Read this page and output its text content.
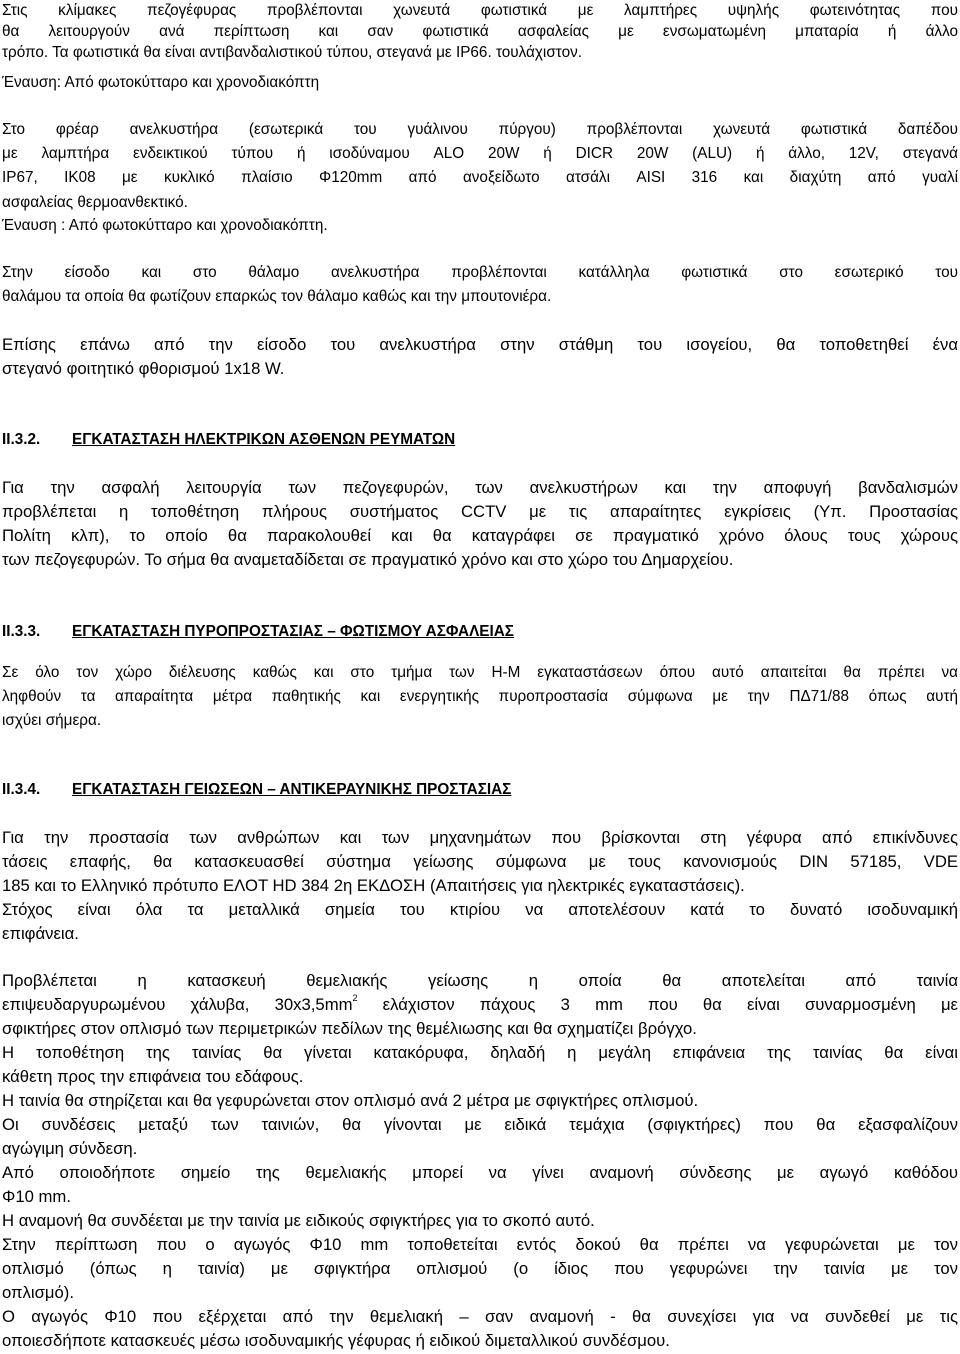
Στις κλίμακες πεζογέφυρας προβλέπονται χωνευτά φωτιστικά με λαμπτήρες υψηλής φωτεινότητας που
θα λειτουργούν ανά περίπτωση και σαν φωτιστικά ασφαλείας με ενσωματωμένη μπαταρία ή άλλο
τρόπο. Τα φωτιστικά θα είναι αντιβανδαλιστικού τύπου, στεγανά με IP66. τουλάχιστον.
Έναυση: Από φωτοκύτταρο και χρονοδιακόπτη
Στο φρέαρ ανελκυστήρα (εσωτερικά του γυάλινου πύργου) προβλέπονται χωνευτά φωτιστικά δαπέδου
με λαμπτήρα ενδεικτικού τύπου ή ισοδύναμου ALO 20W ή DICR 20W (ALU) ή άλλο, 12V, στεγανά
IP67, IK08 με κυκλικό πλαίσιο Φ120mm από ανοξείδωτο ατσάλι AISI 316 και διαχύτη από γυαλί
ασφαλείας θερμοανθεκτικό.
Έναυση : Από φωτοκύτταρο και χρονοδιακόπτη.
Στην είσοδο και στο θάλαμο ανελκυστήρα προβλέπονται κατάλληλα φωτιστικά στο εσωτερικό του
θαλάμου τα οποία θα φωτίζουν επαρκώς τον θάλαμο καθώς και την μπουτονιέρα.
Επίσης επάνω από την είσοδο του ανελκυστήρα στην στάθμη του ισογείου, θα τοποθετηθεί ένα
στεγανό φοιτητικό φθορισμού 1x18 W.
II.3.2. ΕΓΚΑΤΑΣΤΑΣΗ ΗΛΕΚΤΡΙΚΩΝ ΑΣΘΕΝΩΝ ΡΕΥΜΑΤΩΝ
Για την ασφαλή λειτουργία των πεζογεφυρών, των ανελκυστήρων και την αποφυγή βανδαλισμών
προβλέπεται η τοποθέτηση πλήρους συστήματος CCTV με τις απαραίτητες εγκρίσεις (Υπ. Προστασίας
Πολίτη κλπ), το οποίο θα παρακολουθεί και θα καταγράφει σε πραγματικό χρόνο όλους τους χώρους
των πεζογεφυρών. Το σήμα θα αναμεταδίδεται σε πραγματικό χρόνο και στο χώρο του Δημαρχείου.
II.3.3. ΕΓΚΑΤΑΣΤΑΣΗ ΠΥΡΟΠΡΟΣΤΑΣΙΑΣ – ΦΩΤΙΣΜΟΥ ΑΣΦΑΛΕΙΑΣ
Σε όλο τον χώρο διέλευσης καθώς και στο τμήμα των Η-Μ εγκαταστάσεων όπου αυτό απαιτείται θα πρέπει να
ληφθούν τα απαραίτητα μέτρα παθητικής και ενεργητικής πυροπροστασία σύμφωνα με την ΠΔ71/88 όπως αυτή
ισχύει σήμερα.
II.3.4. ΕΓΚΑΤΑΣΤΑΣΗ ΓΕΙΩΣΕΩΝ – ΑΝΤΙΚΕΡΑΥΝΙΚΗΣ ΠΡΟΣΤΑΣΙΑΣ
Για την προστασία των ανθρώπων και των μηχανημάτων που βρίσκονται στη γέφυρα από επικίνδυνες
τάσεις επαφής, θα κατασκευασθεί σύστημα γείωσης σύμφωνα με τους κανονισμούς DIN 57185, VDE
185 και το Ελληνικό πρότυπο ΕΛΟΤ HD 384 2η ΕΚΔΟΣΗ (Απαιτήσεις για ηλεκτρικές εγκαταστάσεις).
Στόχος είναι όλα τα μεταλλικά σημεία του κτιρίου να αποτελέσουν κατά το δυνατό ισοδυναμική
επιφάνεια.
Προβλέπεται η κατασκευή θεμελιακής γείωσης η οποία θα αποτελείται από ταινία
επιψευδαργυρωμένου χάλυβα, $30x3,5mm^2$ ελάχιστον πάχους 3 mm που θα είναι συναρμοσμένη με
σφικτήρες στον οπλισμό των περιμετρικών πεδίλων της θεμέλιωσης και θα σχηματίζει βρόγχο.
Η τοποθέτηση της ταινίας θα γίνεται κατακόρυφα, δηλαδή η μεγάλη επιφάνεια της ταινίας θα είναι
κάθετη προς την επιφάνεια του εδάφους.
Η ταινία θα στηρίζεται και θα γεφυρώνεται στον οπλισμό ανά 2 μέτρα με σφιγκτήρες οπλισμού.
Οι συνδέσεις μεταξύ των ταινιών, θα γίνονται με ειδικά τεμάχια (σφιγκτήρες) που θα εξασφαλίζουν
αγώγιμη σύνδεση.
Από οποιοδήποτε σημείο της θεμελιακής μπορεί να γίνει αναμονή σύνδεσης με αγωγό καθόδου
Φ10 mm.
Η αναμονή θα συνδέεται με την ταινία με ειδικούς σφιγκτήρες για το σκοπό αυτό.
Στην περίπτωση που ο αγωγός Φ10 mm τοποθετείται εντός δοκού θα πρέπει να γεφυρώνεται με τον
οπλισμό (όπως η ταινία) με σφιγκτήρα οπλισμού (ο ίδιος που γεφυρώνει την ταινία με τον
οπλισμό).
Ο αγωγός Φ10 που εξέρχεται από την θεμελιακή – σαν αναμονή - θα συνεχίσει για να συνδεθεί με τις
οποιεσδήποτε κατασκευές μέσω ισοδυναμικής γέφυρας ή ειδικού διμεταλλικού συνδέσμου.
